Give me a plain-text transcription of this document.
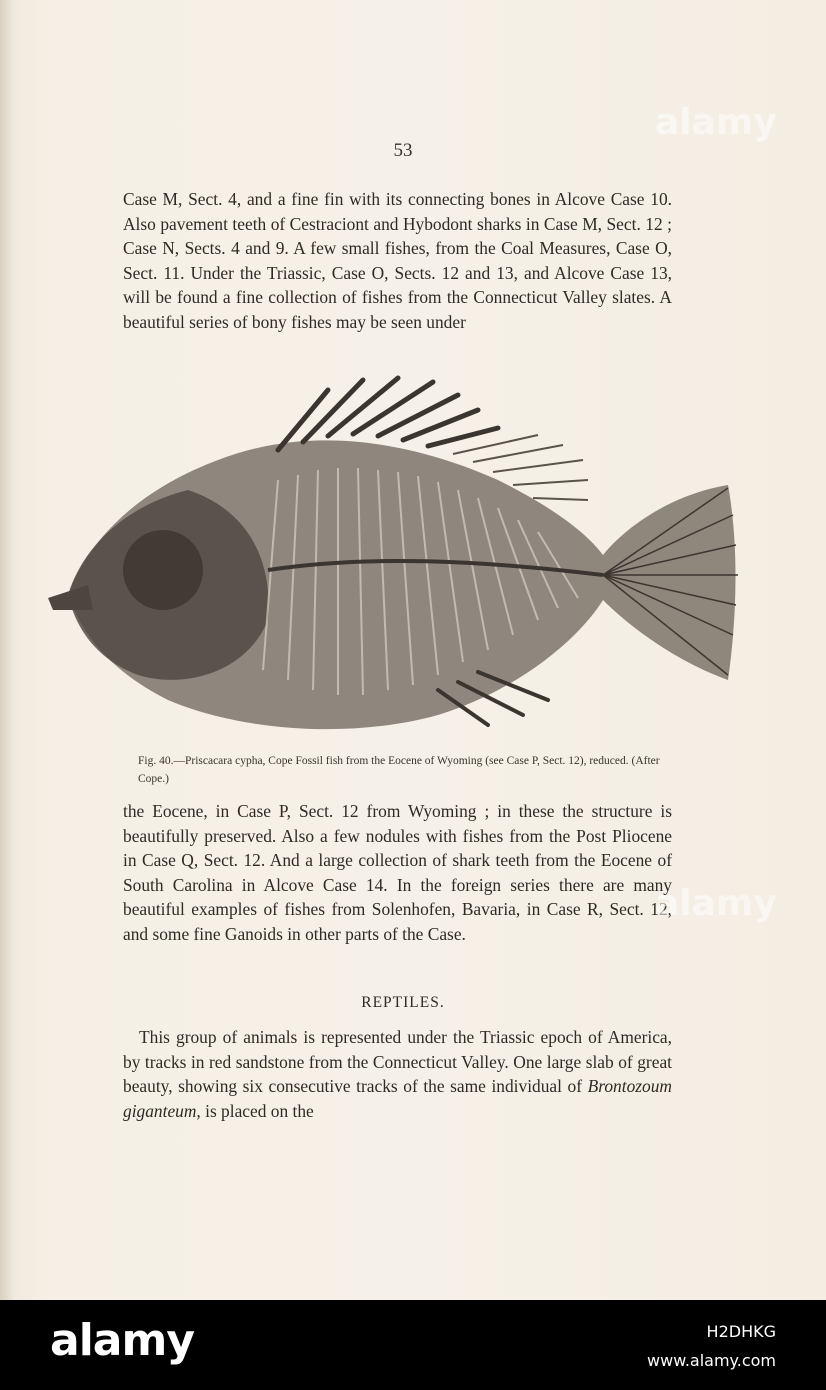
53

Case M, Sect. 4, and a fine fin with its connecting bones in Alcove Case 10. Also pavement teeth of Cestraciont and Hybodont sharks in Case M, Sect. 12 ; Case N, Sects. 4 and 9. A few small fishes, from the Coal Measures, Case O, Sect. 11. Under the Triassic, Case O, Sects. 12 and 13, and Alcove Case 13, will be found a fine collection of fishes from the Connecticut Valley slates. A beautiful series of bony fishes may be seen under

Fig. 40.—Priscacara cypha, Cope Fossil fish from the Eocene of Wyoming (see Case P, Sect. 12), reduced. (After Cope.)

the Eocene, in Case P, Sect. 12 from Wyoming ; in these the structure is beautifully preserved. Also a few nodules with fishes from the Post Pliocene in Case Q, Sect. 12. And a large collection of shark teeth from the Eocene of South Carolina in Alcove Case 14. In the foreign series there are many beautiful examples of fishes from Solenhofen, Bavaria, in Case R, Sect. 12, and some fine Ganoids in other parts of the Case.

REPTILES.

This group of animals is represented under the Triassic epoch of America, by tracks in red sandstone from the Connecticut Valley. One large slab of great beauty, showing six consecutive tracks of the same individual of Brontozoum giganteum, is placed on the

alamy
alamy
alamy	H2DHKG
www.alamy.com
